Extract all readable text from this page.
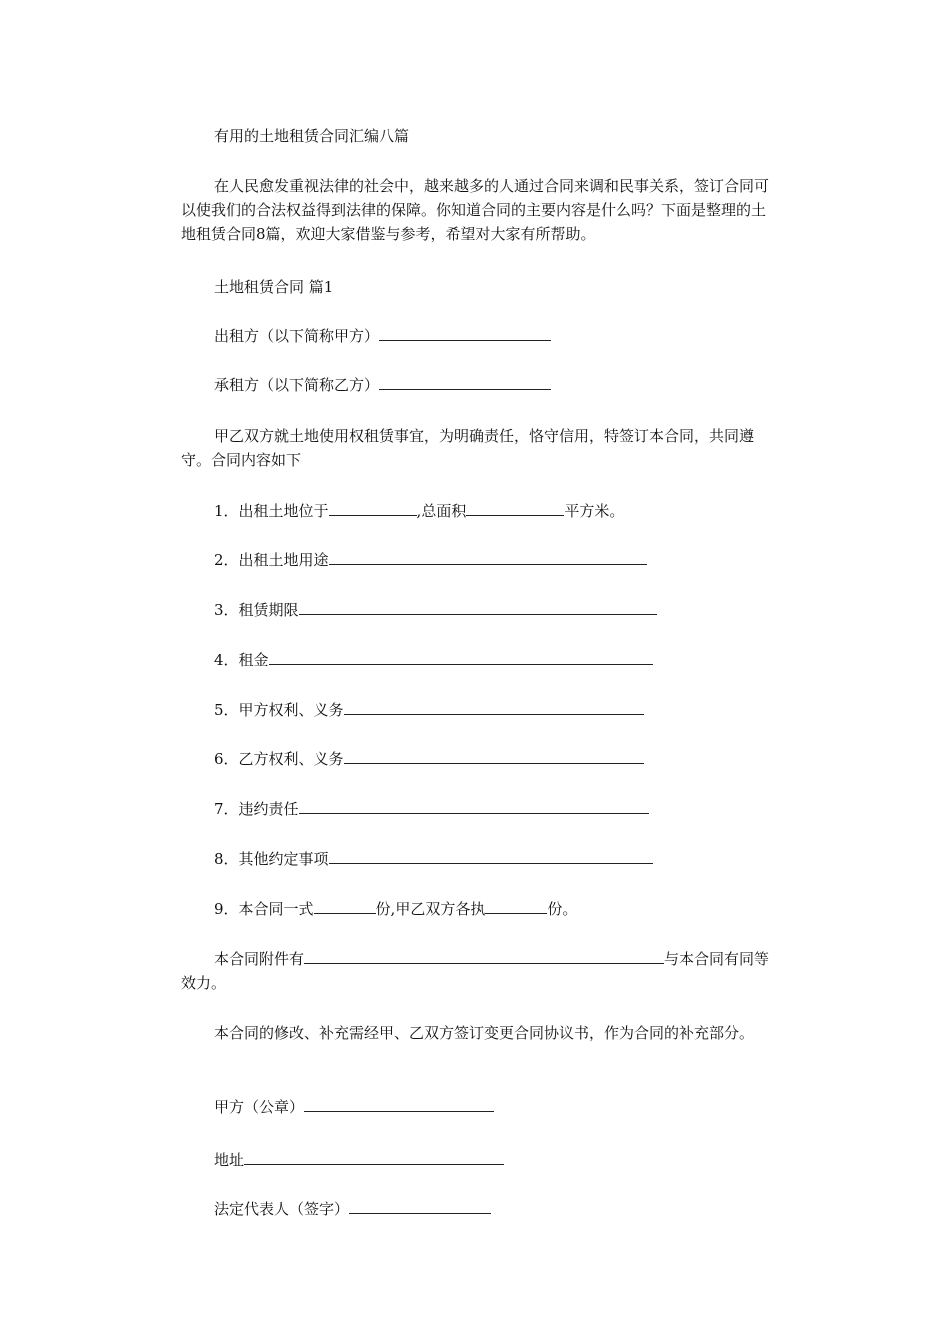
有用的土地租赁合同汇编八篇
在人民愈发重视法律的社会中，越来越多的人通过合同来调和民事关系，签订合同可以使我们的合法权益得到法律的保障。你知道合同的主要内容是什么吗？下面是整理的土地租赁合同8篇，欢迎大家借鉴与参考，希望对大家有所帮助。
土地租赁合同 篇1
出租方（以下简称甲方）
承租方（以下简称乙方）
甲乙双方就土地使用权租赁事宜，为明确责任，恪守信用，特签订本合同，共同遵守。合同内容如下
1．出租土地位于	,总面积	平方米。
2．出租土地用途
3．租赁期限
4．租金
5．甲方权利、义务
6．乙方权利、义务
7．违约责任
8．其他约定事项
9．本合同一式	份,甲乙双方各执	份。
本合同附件有	与本合同有同等效力。
本合同的修改、补充需经甲、乙双方签订变更合同协议书，作为合同的补充部分。
甲方（公章）
地址
法定代表人（签字）
